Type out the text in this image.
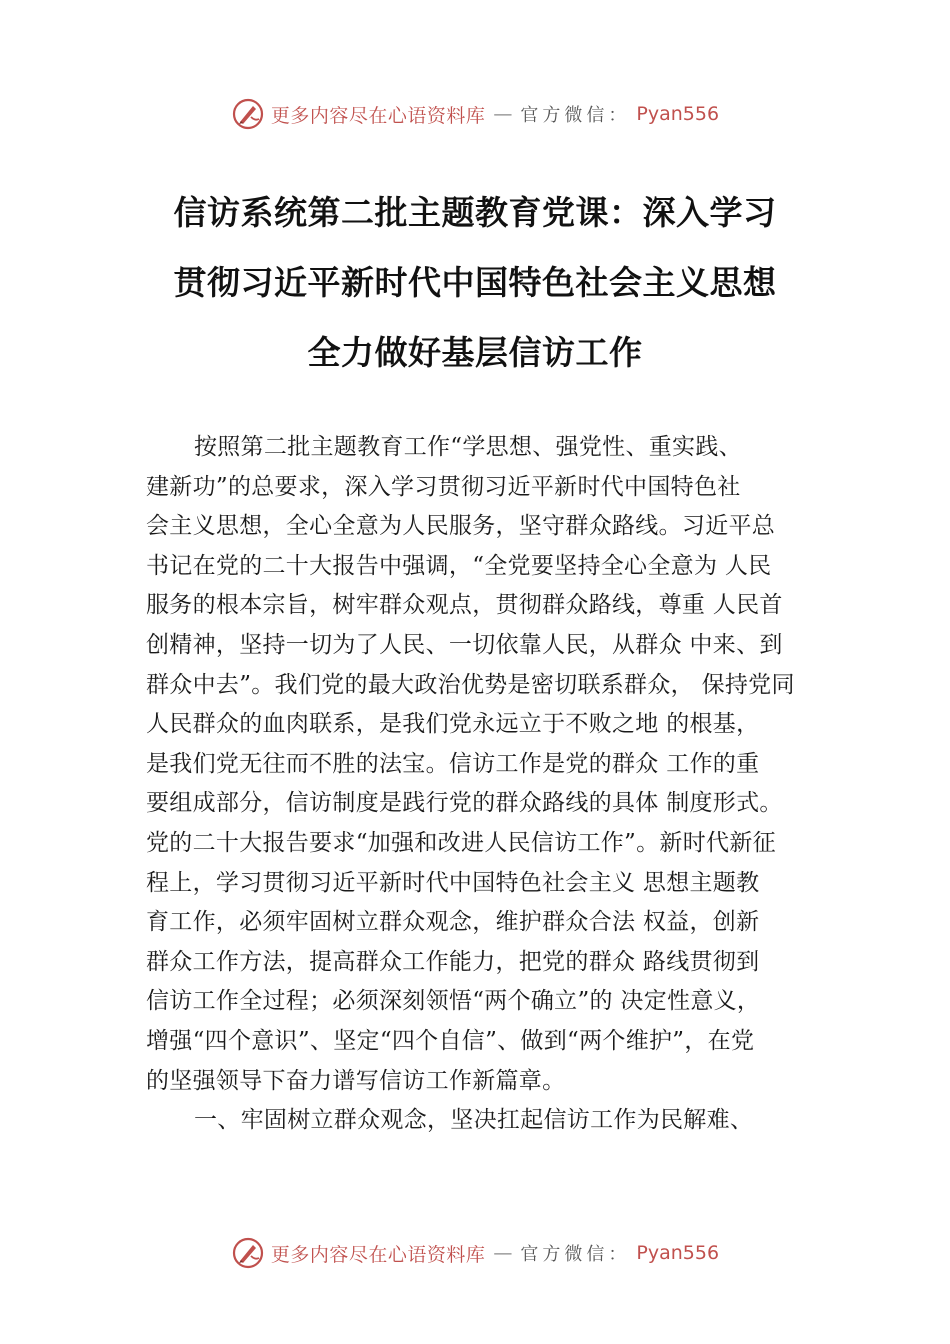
更多内容尽在心语资料库 — 官方微信： Pyan556
信访系统第二批主题教育党课：深入学习
贯彻习近平新时代中国特色社会主义思想
全力做好基层信访工作
按照第二批主题教育工作“学思想、强党性、重实践、
建新功”的总要求，深入学习贯彻习近平新时代中国特色社
会主义思想，全心全意为人民服务，坚守群众路线。习近平总
书记在党的二十大报告中强调，“全党要坚持全心全意为 人民
服务的根本宗旨，树牢群众观点，贯彻群众路线，尊重 人民首
创精神，坚持一切为了人民、一切依靠人民，从群众 中来、到
群众中去”。我们党的最大政治优势是密切联系群众， 保持党同
人民群众的血肉联系，是我们党永远立于不败之地 的根基，
是我们党无往而不胜的法宝。信访工作是党的群众 工作的重
要组成部分，信访制度是践行党的群众路线的具体 制度形式。
党的二十大报告要求“加强和改进人民信访工作”。新时代新征
程上，学习贯彻习近平新时代中国特色社会主义 思想主题教
育工作，必须牢固树立群众观念，维护群众合法 权益，创新
群众工作方法，提高群众工作能力，把党的群众 路线贯彻到
信访工作全过程；必须深刻领悟“两个确立”的 决定性意义，
增强“四个意识”、坚定“四个自信”、做到“两个维护”，在党
的坚强领导下奋力谱写信访工作新篇章。
一、牢固树立群众观念，坚决扛起信访工作为民解难、
更多内容尽在心语资料库 — 官方微信： Pyan556
